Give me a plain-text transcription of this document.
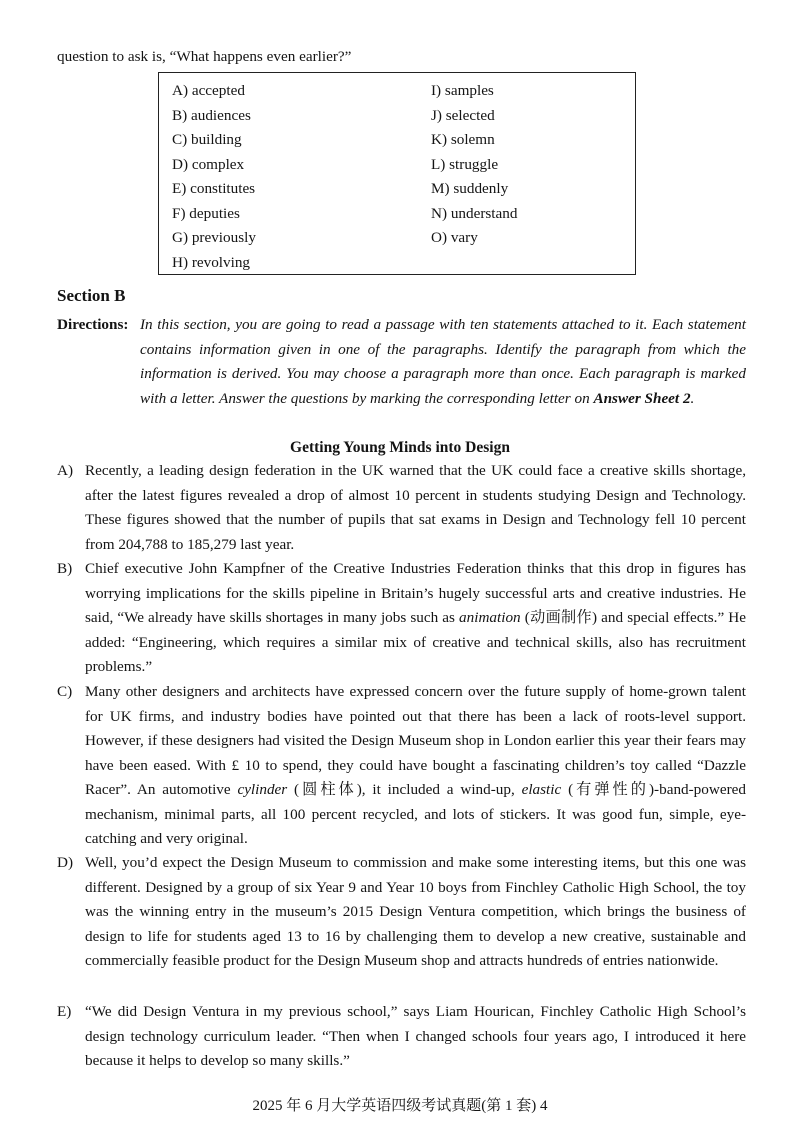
question to ask is, “What happens even earlier?”

A) accepted
B) audiences
C) building
D) complex
E) constitutes
F) deputies
G) previously
H) revolving
I) samples
J) selected
K) solemn
L) struggle
M) suddenly
N) understand
O) vary
Section B
Directions: In this section, you are going to read a passage with ten statements attached to it. Each statement contains information given in one of the paragraphs. Identify the paragraph from which the information is derived. You may choose a paragraph more than once. Each paragraph is marked with a letter. Answer the questions by marking the corresponding letter on Answer Sheet 2.

Getting Young Minds into Design
A) Recently, a leading design federation in the UK warned that the UK could face a creative skills shortage, after the latest figures revealed a drop of almost 10 percent in students studying Design and Technology. These figures showed that the number of pupils that sat exams in Design and Technology fell 10 percent from 204,788 to 185,279 last year.

B) Chief executive John Kampfner of the Creative Industries Federation thinks that this drop in figures has worrying implications for the skills pipeline in Britain’s hugely successful arts and creative industries. He said, “We already have skills shortages in many jobs such as animation (动画制作) and special effects.” He added: “Engineering, which requires a similar mix of creative and technical skills, also has recruitment problems.”

C) Many other designers and architects have expressed concern over the future supply of home-grown talent for UK firms, and industry bodies have pointed out that there has been a lack of roots-level support. However, if these designers had visited the Design Museum shop in London earlier this year their fears may have been eased. With £ 10 to spend, they could have bought a fascinating children’s toy called “Dazzle Racer”. An automotive cylinder (圆柱体), it included a wind-up, elastic (有弹性的)-band-powered mechanism, minimal parts, all 100 percent recycled, and lots of stickers. It was good fun, simple, eye-catching and very original.

D) Well, you’d expect the Design Museum to commission and make some interesting items, but this one was different. Designed by a group of six Year 9 and Year 10 boys from Finchley Catholic High School, the toy was the winning entry in the museum’s 2015 Design Ventura competition, which brings the business of design to life for students aged 13 to 16 by challenging them to develop a new creative, sustainable and commercially feasible product for the Design Museum shop and attracts hundreds of entries nationwide.

E) “We did Design Ventura in my previous school,” says Liam Hourican, Finchley Catholic High School’s design technology curriculum leader. “Then when I changed schools four years ago, I introduced it here because it helps to develop so many skills.”

2025 年 6 月大学英语四级考试真题(第 1 套) 4
